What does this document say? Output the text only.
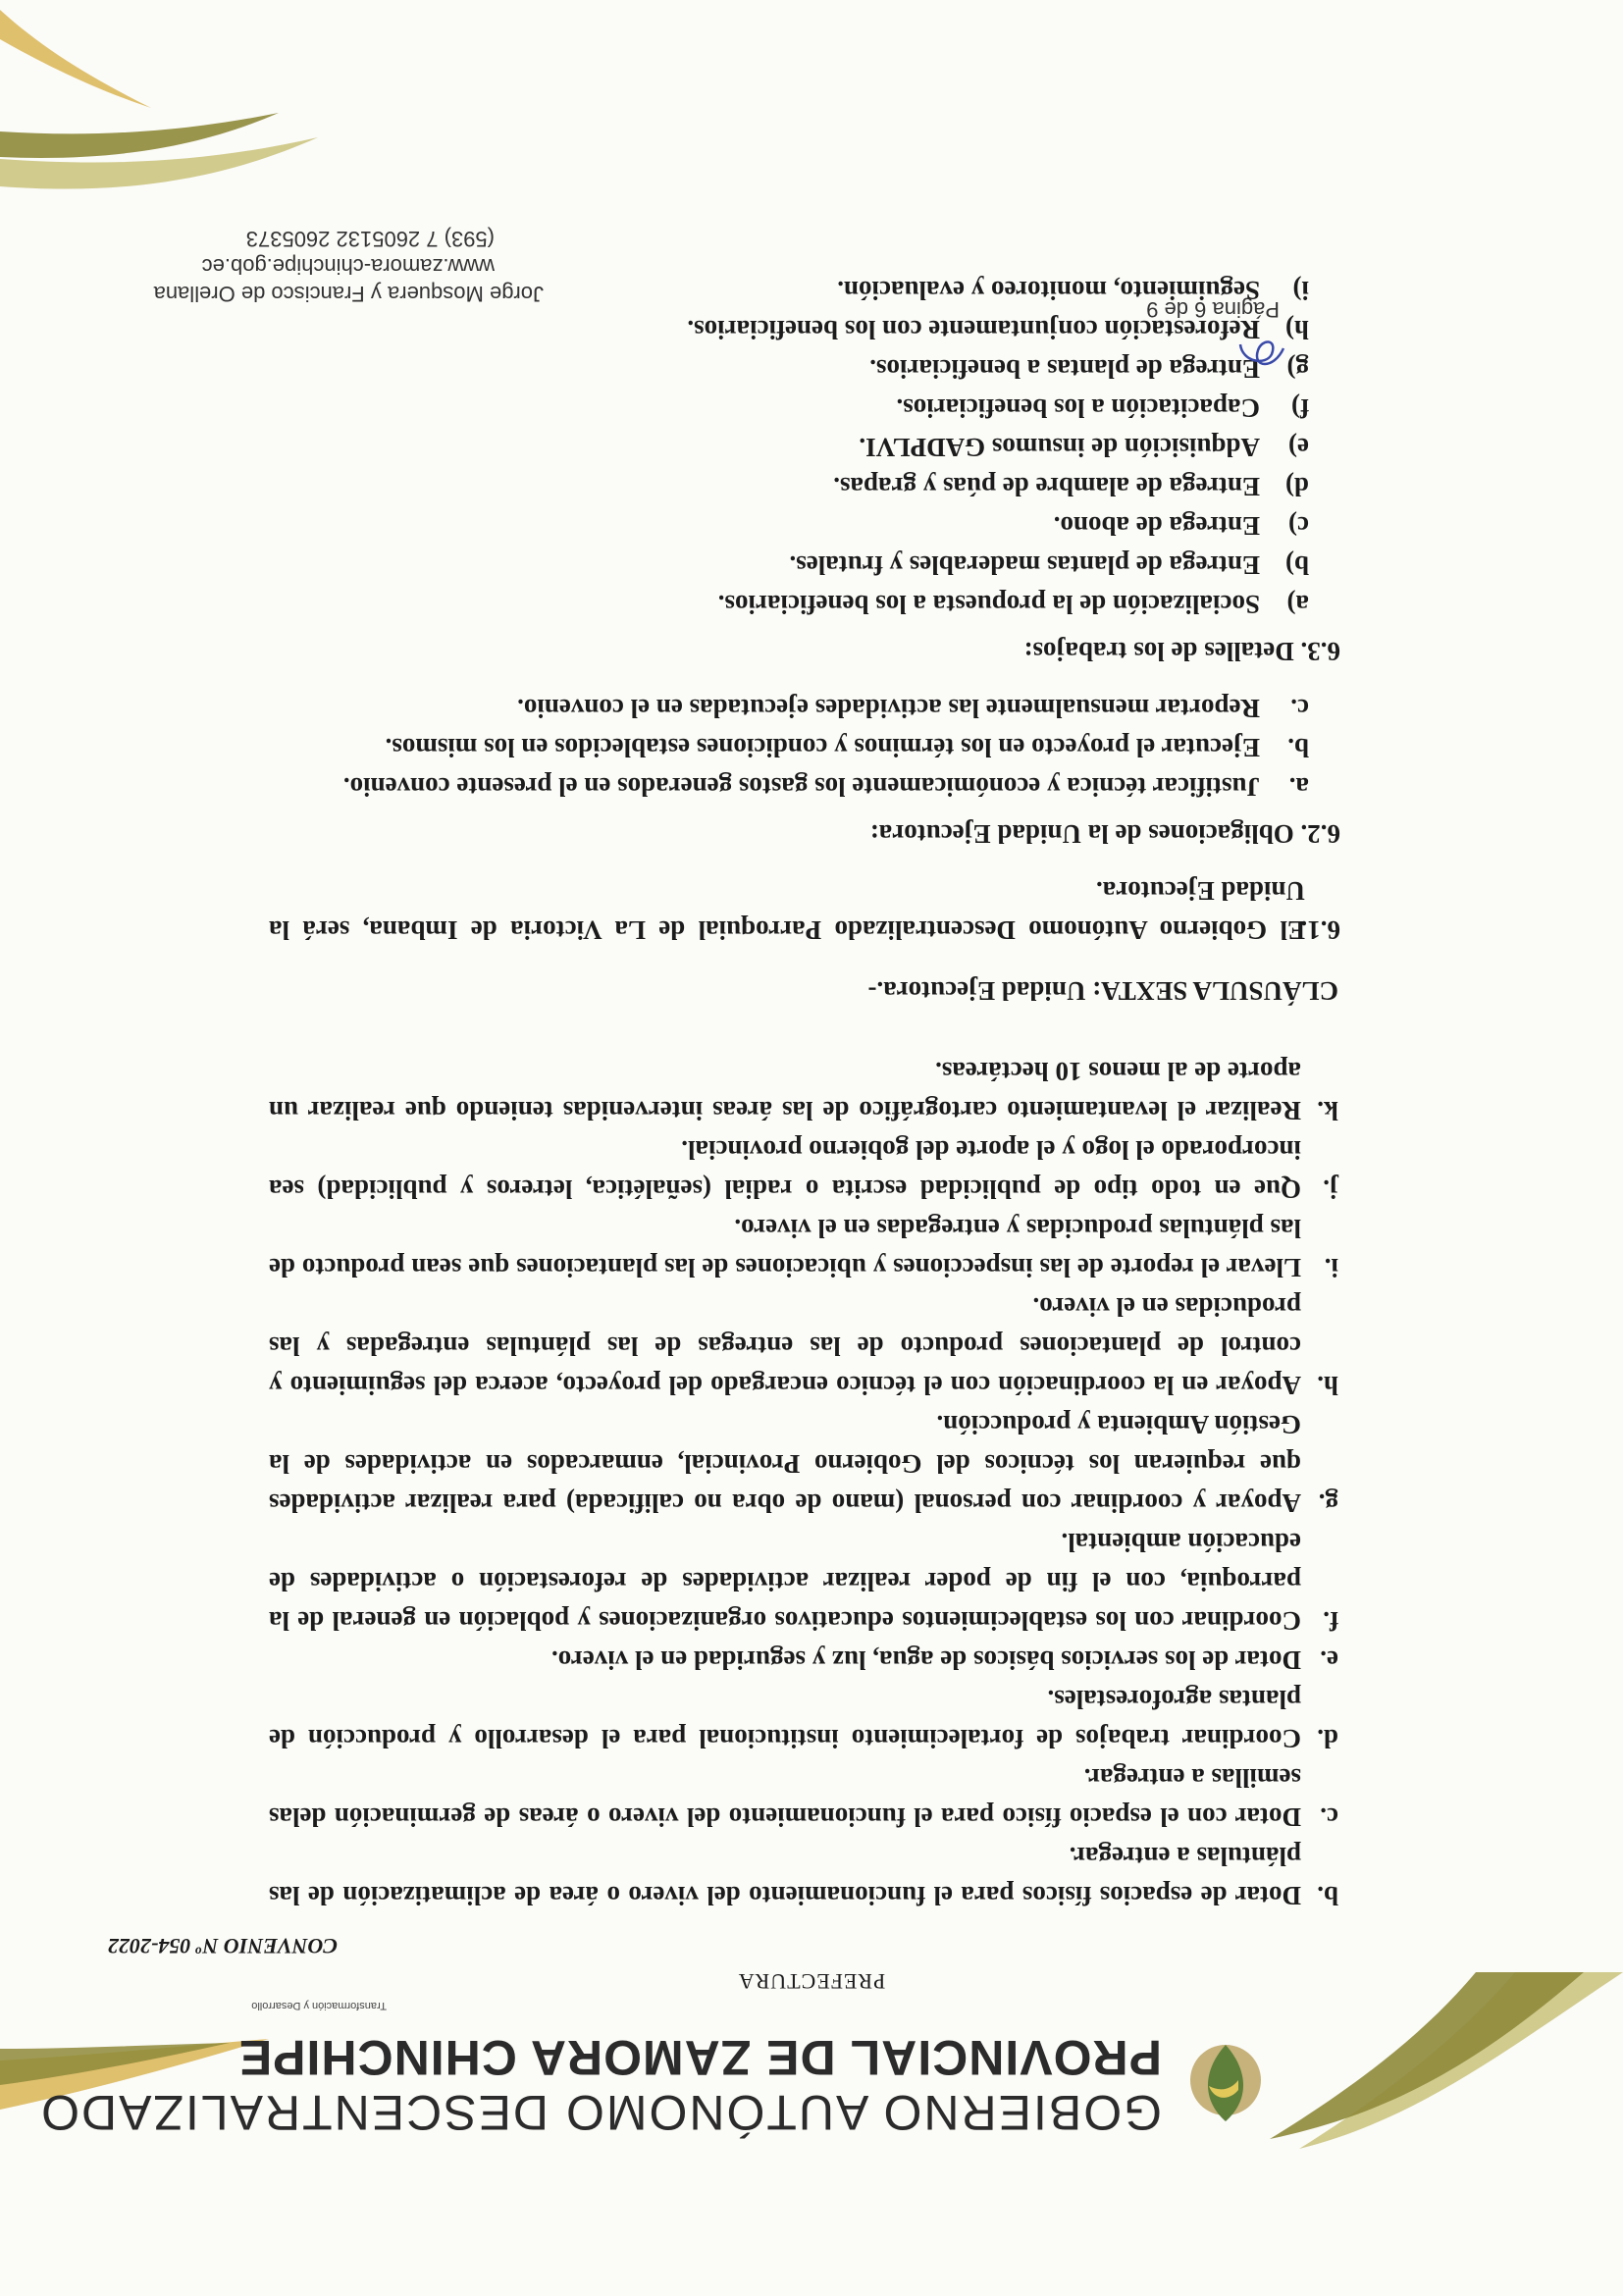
GOBIERNO AUTÓNOMO DESCENTRALIZADO
PROVINCIAL DE ZAMORA CHINCHIPE
Transformación y Desarrollo
PREFECTURA
CONVENIO Nº 054-2022

b.
Dotar de espacios físicos para el funcionamiento del vivero o área de aclimatización de las plántulas a entregar.

c.
Dotar con el espacio físico para el funcionamiento del vivero o áreas de germinación delas semillas a entregar.

d.
Coordinar trabajos de fortalecimiento institucional para el desarrollo y producción de plantas agroforestales.

e.
Dotar de los servicios básicos de agua, luz y seguridad en el vivero.

f.
Coordinar con los establecimientos educativos organizaciones y población en general de la parroquia, con el fin de poder realizar actividades de reforestación o actividades de educación ambiental.

g.
Apoyar y coordinar con personal (mano de obra no calificada) para realizar actividades que requieran los técnicos del Gobierno Provincial, enmarcados en actividades de la Gestión Ambienta y producción.

h.
Apoyar en la coordinación con el técnico encargado del proyecto, acerca del seguimiento y control de plantaciones producto de las entregas de las plántulas entregadas y las producidas en el vivero.

i.
Llevar el reporte de las inspecciones y ubicaciones de las plantaciones que sean producto de las plántulas producidas y entregadas en el vivero.

j.
Que en todo tipo de publicidad escrita o radial (señalética, letreros y publicidad) sea incorporado el logo y el aporte del gobierno provincial.

k.
Realizar el levantamiento cartográfico de las áreas intervenidas teniendo que realizar un aporte de al menos 10 hectáreas.

CLÁUSULA SEXTA: Unidad Ejecutora.-

6.1.
El Gobierno Autónomo Descentralizado Parroquial de La Victoria de Imbana, será la Unidad Ejecutora.

6.2. Obligaciones de la Unidad Ejecutora:

a.
Justificar técnica y económicamente los gastos generados en el presente convenio.

b.
Ejecutar el proyecto en los términos y condiciones establecidos en los mismos.

c.
Reportar mensualmente las actividades ejecutadas en el convenio.

6.3. Detalles de los trabajos:

a)
Socialización de la propuesta a los beneficiarios.

b)
Entrega de plantas maderables y frutales.

c)
Entrega de abono.

d)
Entrega de alambre de púas y grapas.

e)
Adquisición de insumos GADPLVI.

f)
Capacitación a los beneficiarios.

g)
Entrega de plantas a beneficiarios.

h)
Reforestación conjuntamente con los beneficiarios.

i)
Seguimiento, monitoreo y evaluación.

Página 6 de 9
Jorge Mosquera y Francisco de Orellana
www.zamora-chinchipe.gob.ec
(593) 7 2605132 2605373
